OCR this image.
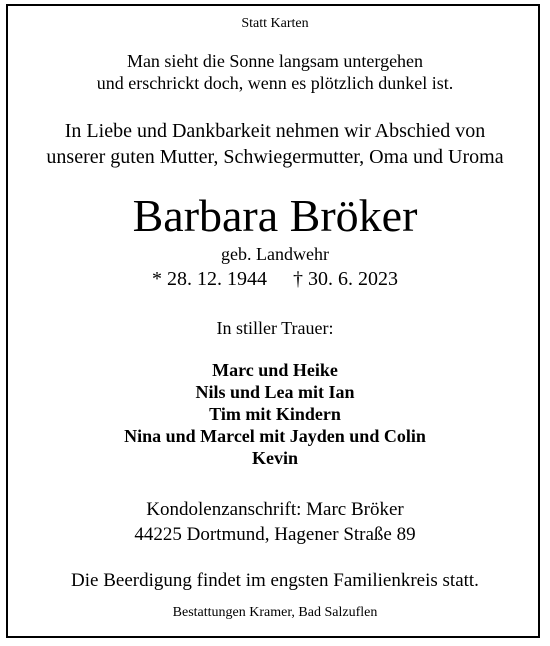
Statt Karten
Man sieht die Sonne langsam untergehen
und erschrickt doch, wenn es plötzlich dunkel ist.
In Liebe und Dankbarkeit nehmen wir Abschied von
unserer guten Mutter, Schwiegermutter, Oma und Uroma
Barbara Bröker
geb. Landwehr
* 28. 12. 1944 † 30. 6. 2023
In stiller Trauer:
Marc und Heike
Nils und Lea mit Ian
Tim mit Kindern
Nina und Marcel mit Jayden und Colin
Kevin
Kondolenzanschrift: Marc Bröker
44225 Dortmund, Hagener Straße 89
Die Beerdigung findet im engsten Familienkreis statt.
Bestattungen Kramer, Bad Salzuflen
